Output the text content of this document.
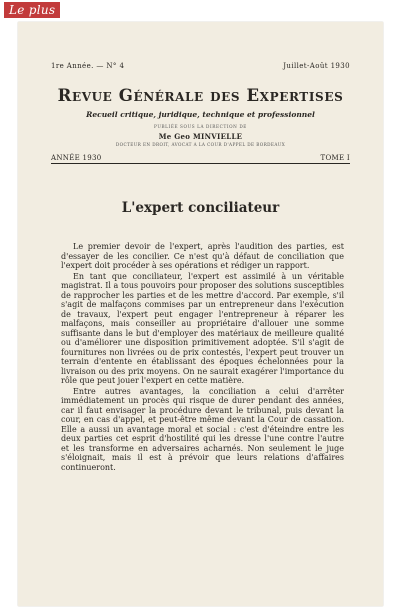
Le plus
1re Année. — N° 4	Juillet-Août 1930
Revue Générale des Expertises
Recueil critique, juridique, technique et professionnel
PUBLIÉE SOUS LA DIRECTION DE
Me Geo MINVIELLE
DOCTEUR EN DROIT, AVOCAT A LA COUR D'APPEL DE BORDEAUX
ANNÉE 1930	TOME I
L'expert conciliateur

Le premier devoir de l'expert, après l'audition des parties, est d'essayer de les concilier. Ce n'est qu'à défaut de conciliation que l'expert doit procéder à ses opérations et rédiger un rapport.

En tant que conciliateur, l'expert est assimilé à un véritable magistrat. Il a tous pouvoirs pour proposer des solutions susceptibles de rapprocher les parties et de les mettre d'accord. Par exemple, s'il s'agit de malfaçons commises par un entrepreneur dans l'exécution de travaux, l'expert peut engager l'entrepreneur à réparer les malfaçons, mais conseiller au propriétaire d'allouer une somme suffisante dans le but d'employer des matériaux de meilleure qualité ou d'améliorer une disposition primitivement adoptée. S'il s'agit de fournitures non livrées ou de prix contestés, l'expert peut trouver un terrain d'entente en établissant des époques échelonnées pour la livraison ou des prix moyens. On ne saurait exagérer l'importance du rôle que peut jouer l'expert en cette matière.

Entre autres avantages, la conciliation a celui d'arrêter immédiatement un procès qui risque de durer pendant des années, car il faut envisager la procédure devant le tribunal, puis devant la cour, en cas d'appel, et peut-être même devant la Cour de cassation. Elle a aussi un avantage moral et social : c'est d'éteindre entre les deux parties cet esprit d'hostilité qui les dresse l'une contre l'autre et les transforme en adversaires acharnés. Non seulement le juge s'éloignait, mais il est à prévoir que leurs relations d'affaires continueront.
